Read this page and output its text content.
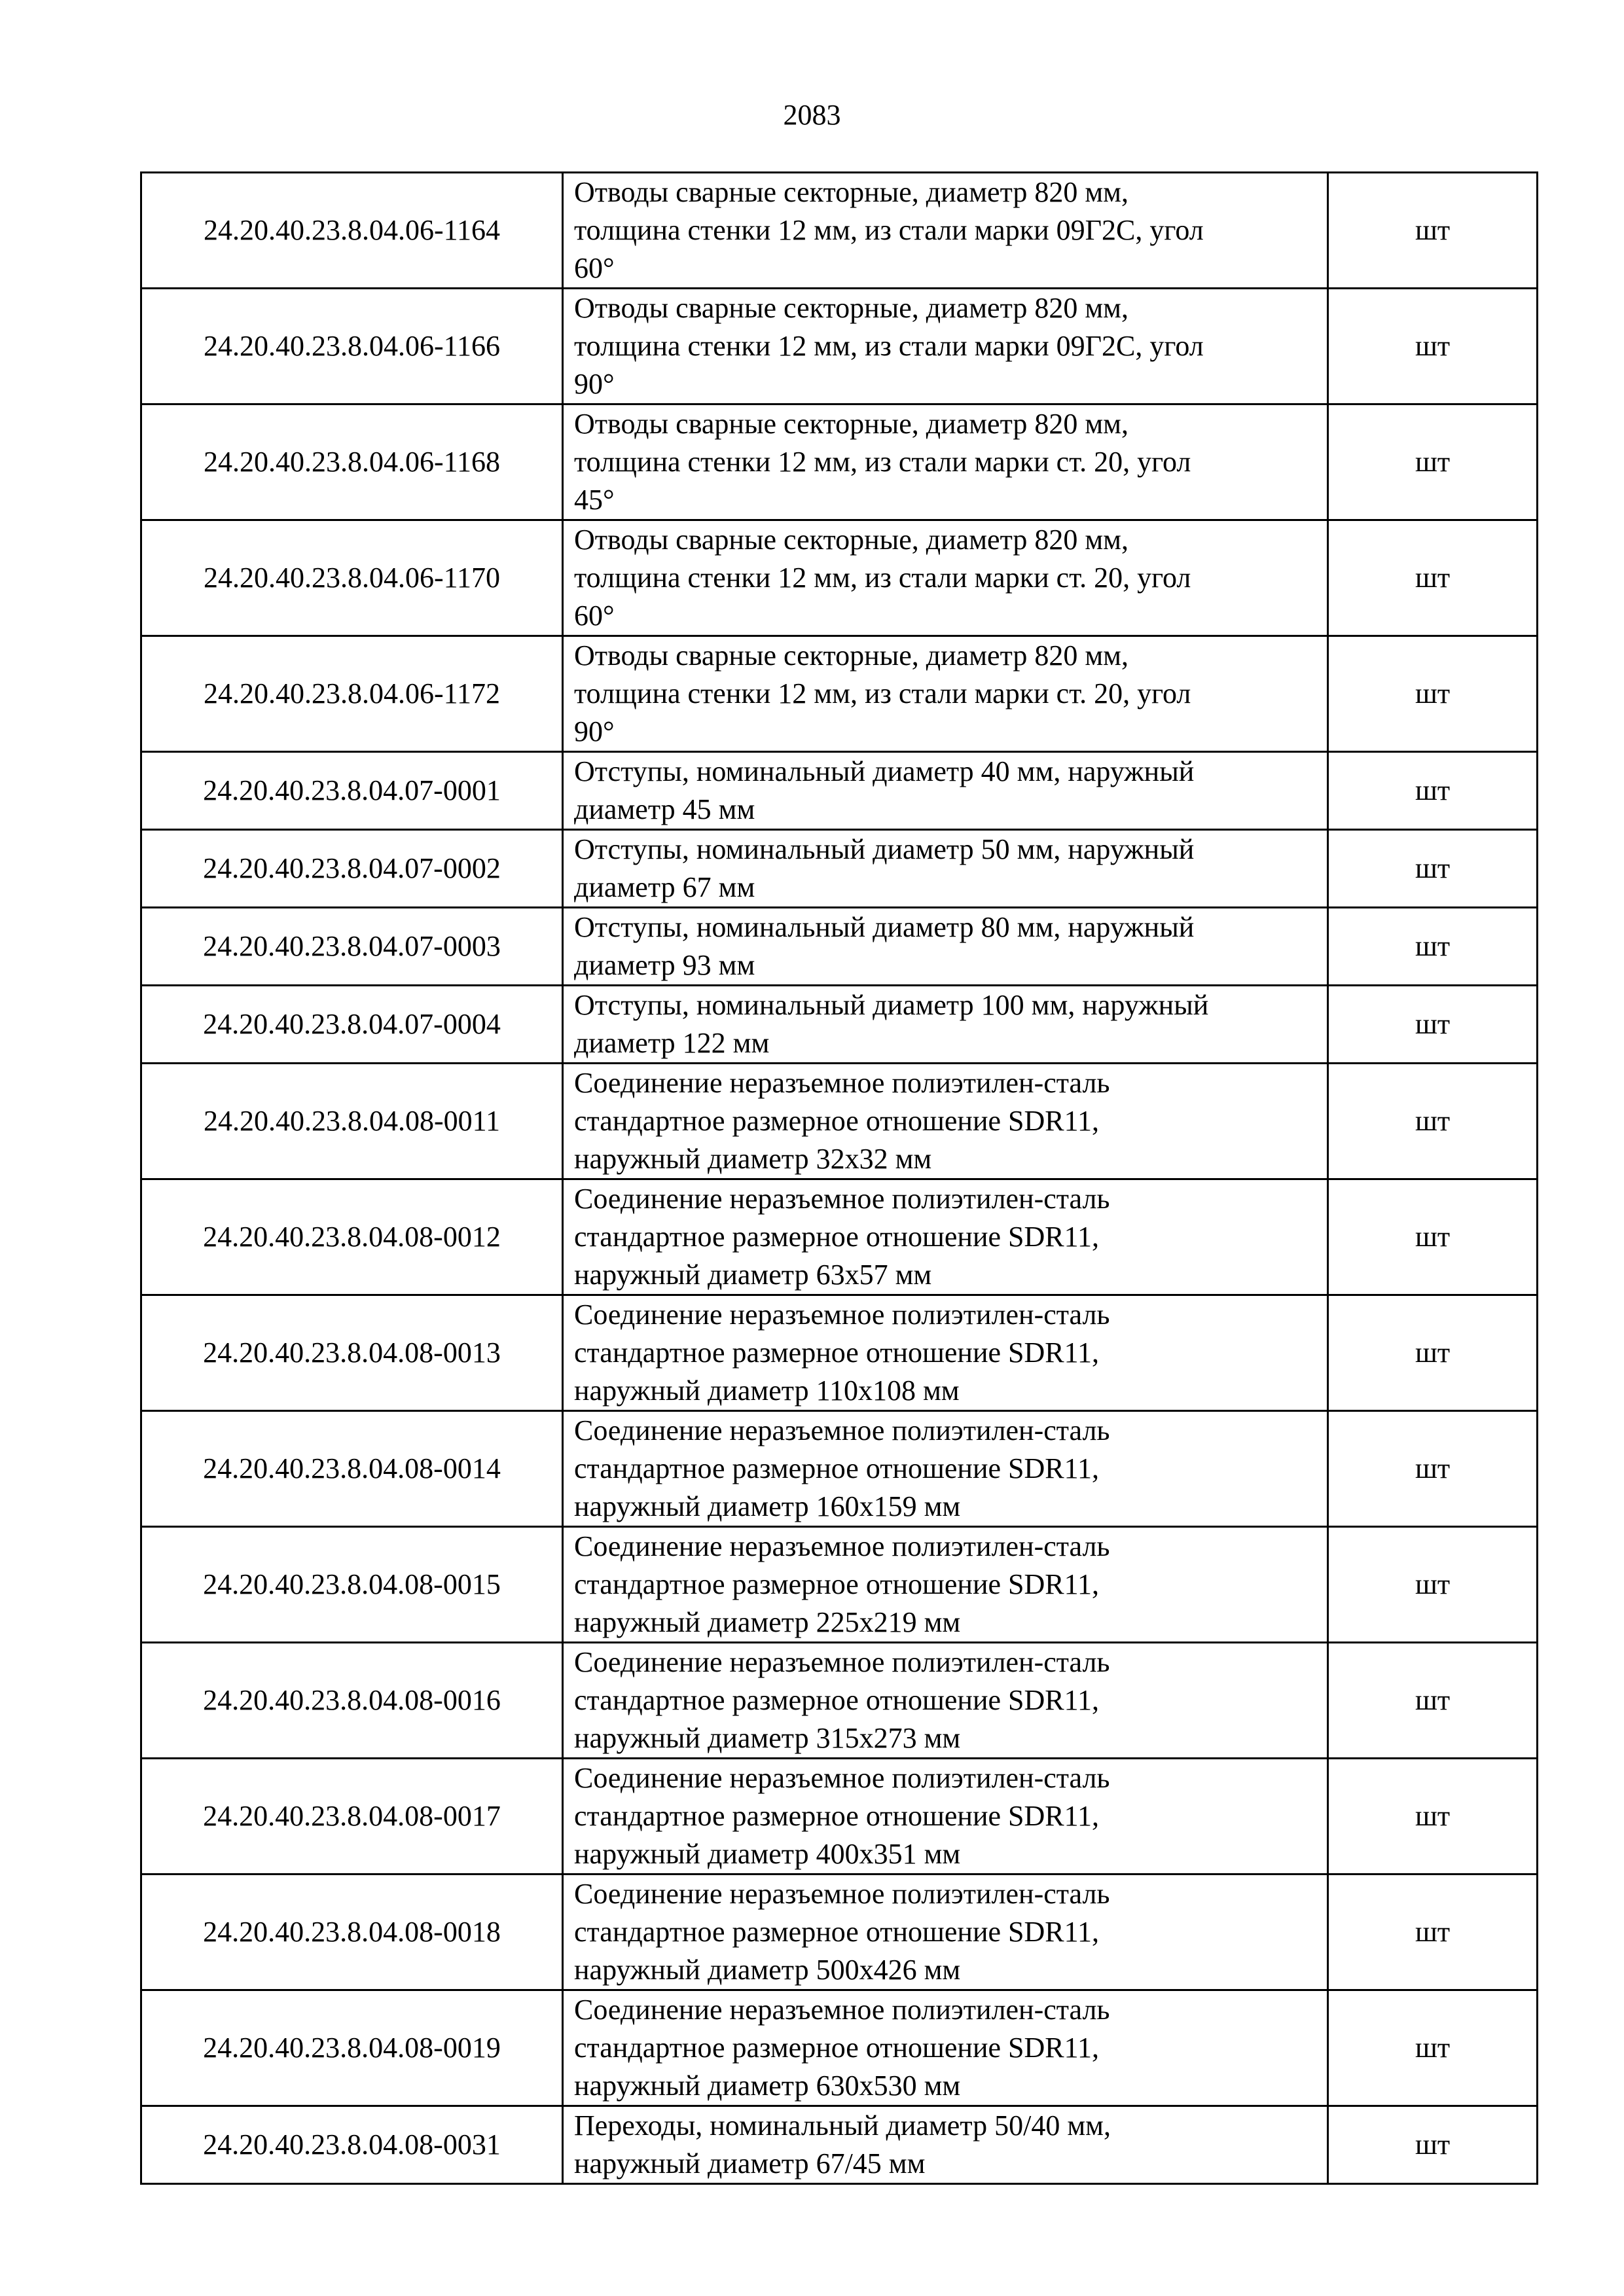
2083
24.20.40.23.8.04.06-1164	Отводы сварные секторные, диаметр 820 мм,
толщина стенки 12 мм, из стали марки 09Г2С, угол
60°	шт
24.20.40.23.8.04.06-1166	Отводы сварные секторные, диаметр 820 мм,
толщина стенки 12 мм, из стали марки 09Г2С, угол
90°	шт
24.20.40.23.8.04.06-1168	Отводы сварные секторные, диаметр 820 мм,
толщина стенки 12 мм, из стали марки ст. 20, угол
45°	шт
24.20.40.23.8.04.06-1170	Отводы сварные секторные, диаметр 820 мм,
толщина стенки 12 мм, из стали марки ст. 20, угол
60°	шт
24.20.40.23.8.04.06-1172	Отводы сварные секторные, диаметр 820 мм,
толщина стенки 12 мм, из стали марки ст. 20, угол
90°	шт
24.20.40.23.8.04.07-0001	Отступы, номинальный диаметр 40 мм, наружный
диаметр 45 мм	шт
24.20.40.23.8.04.07-0002	Отступы, номинальный диаметр 50 мм, наружный
диаметр 67 мм	шт
24.20.40.23.8.04.07-0003	Отступы, номинальный диаметр 80 мм, наружный
диаметр 93 мм	шт
24.20.40.23.8.04.07-0004	Отступы, номинальный диаметр 100 мм, наружный
диаметр 122 мм	шт
24.20.40.23.8.04.08-0011	Соединение неразъемное полиэтилен-сталь
стандартное размерное отношение SDR11,
наружный диаметр 32x32 мм	шт
24.20.40.23.8.04.08-0012	Соединение неразъемное полиэтилен-сталь
стандартное размерное отношение SDR11,
наружный диаметр 63x57 мм	шт
24.20.40.23.8.04.08-0013	Соединение неразъемное полиэтилен-сталь
стандартное размерное отношение SDR11,
наружный диаметр 110x108 мм	шт
24.20.40.23.8.04.08-0014	Соединение неразъемное полиэтилен-сталь
стандартное размерное отношение SDR11,
наружный диаметр 160x159 мм	шт
24.20.40.23.8.04.08-0015	Соединение неразъемное полиэтилен-сталь
стандартное размерное отношение SDR11,
наружный диаметр 225x219 мм	шт
24.20.40.23.8.04.08-0016	Соединение неразъемное полиэтилен-сталь
стандартное размерное отношение SDR11,
наружный диаметр 315x273 мм	шт
24.20.40.23.8.04.08-0017	Соединение неразъемное полиэтилен-сталь
стандартное размерное отношение SDR11,
наружный диаметр 400x351 мм	шт
24.20.40.23.8.04.08-0018	Соединение неразъемное полиэтилен-сталь
стандартное размерное отношение SDR11,
наружный диаметр 500x426 мм	шт
24.20.40.23.8.04.08-0019	Соединение неразъемное полиэтилен-сталь
стандартное размерное отношение SDR11,
наружный диаметр 630x530 мм	шт
24.20.40.23.8.04.08-0031	Переходы, номинальный диаметр 50/40 мм,
наружный диаметр 67/45 мм	шт
